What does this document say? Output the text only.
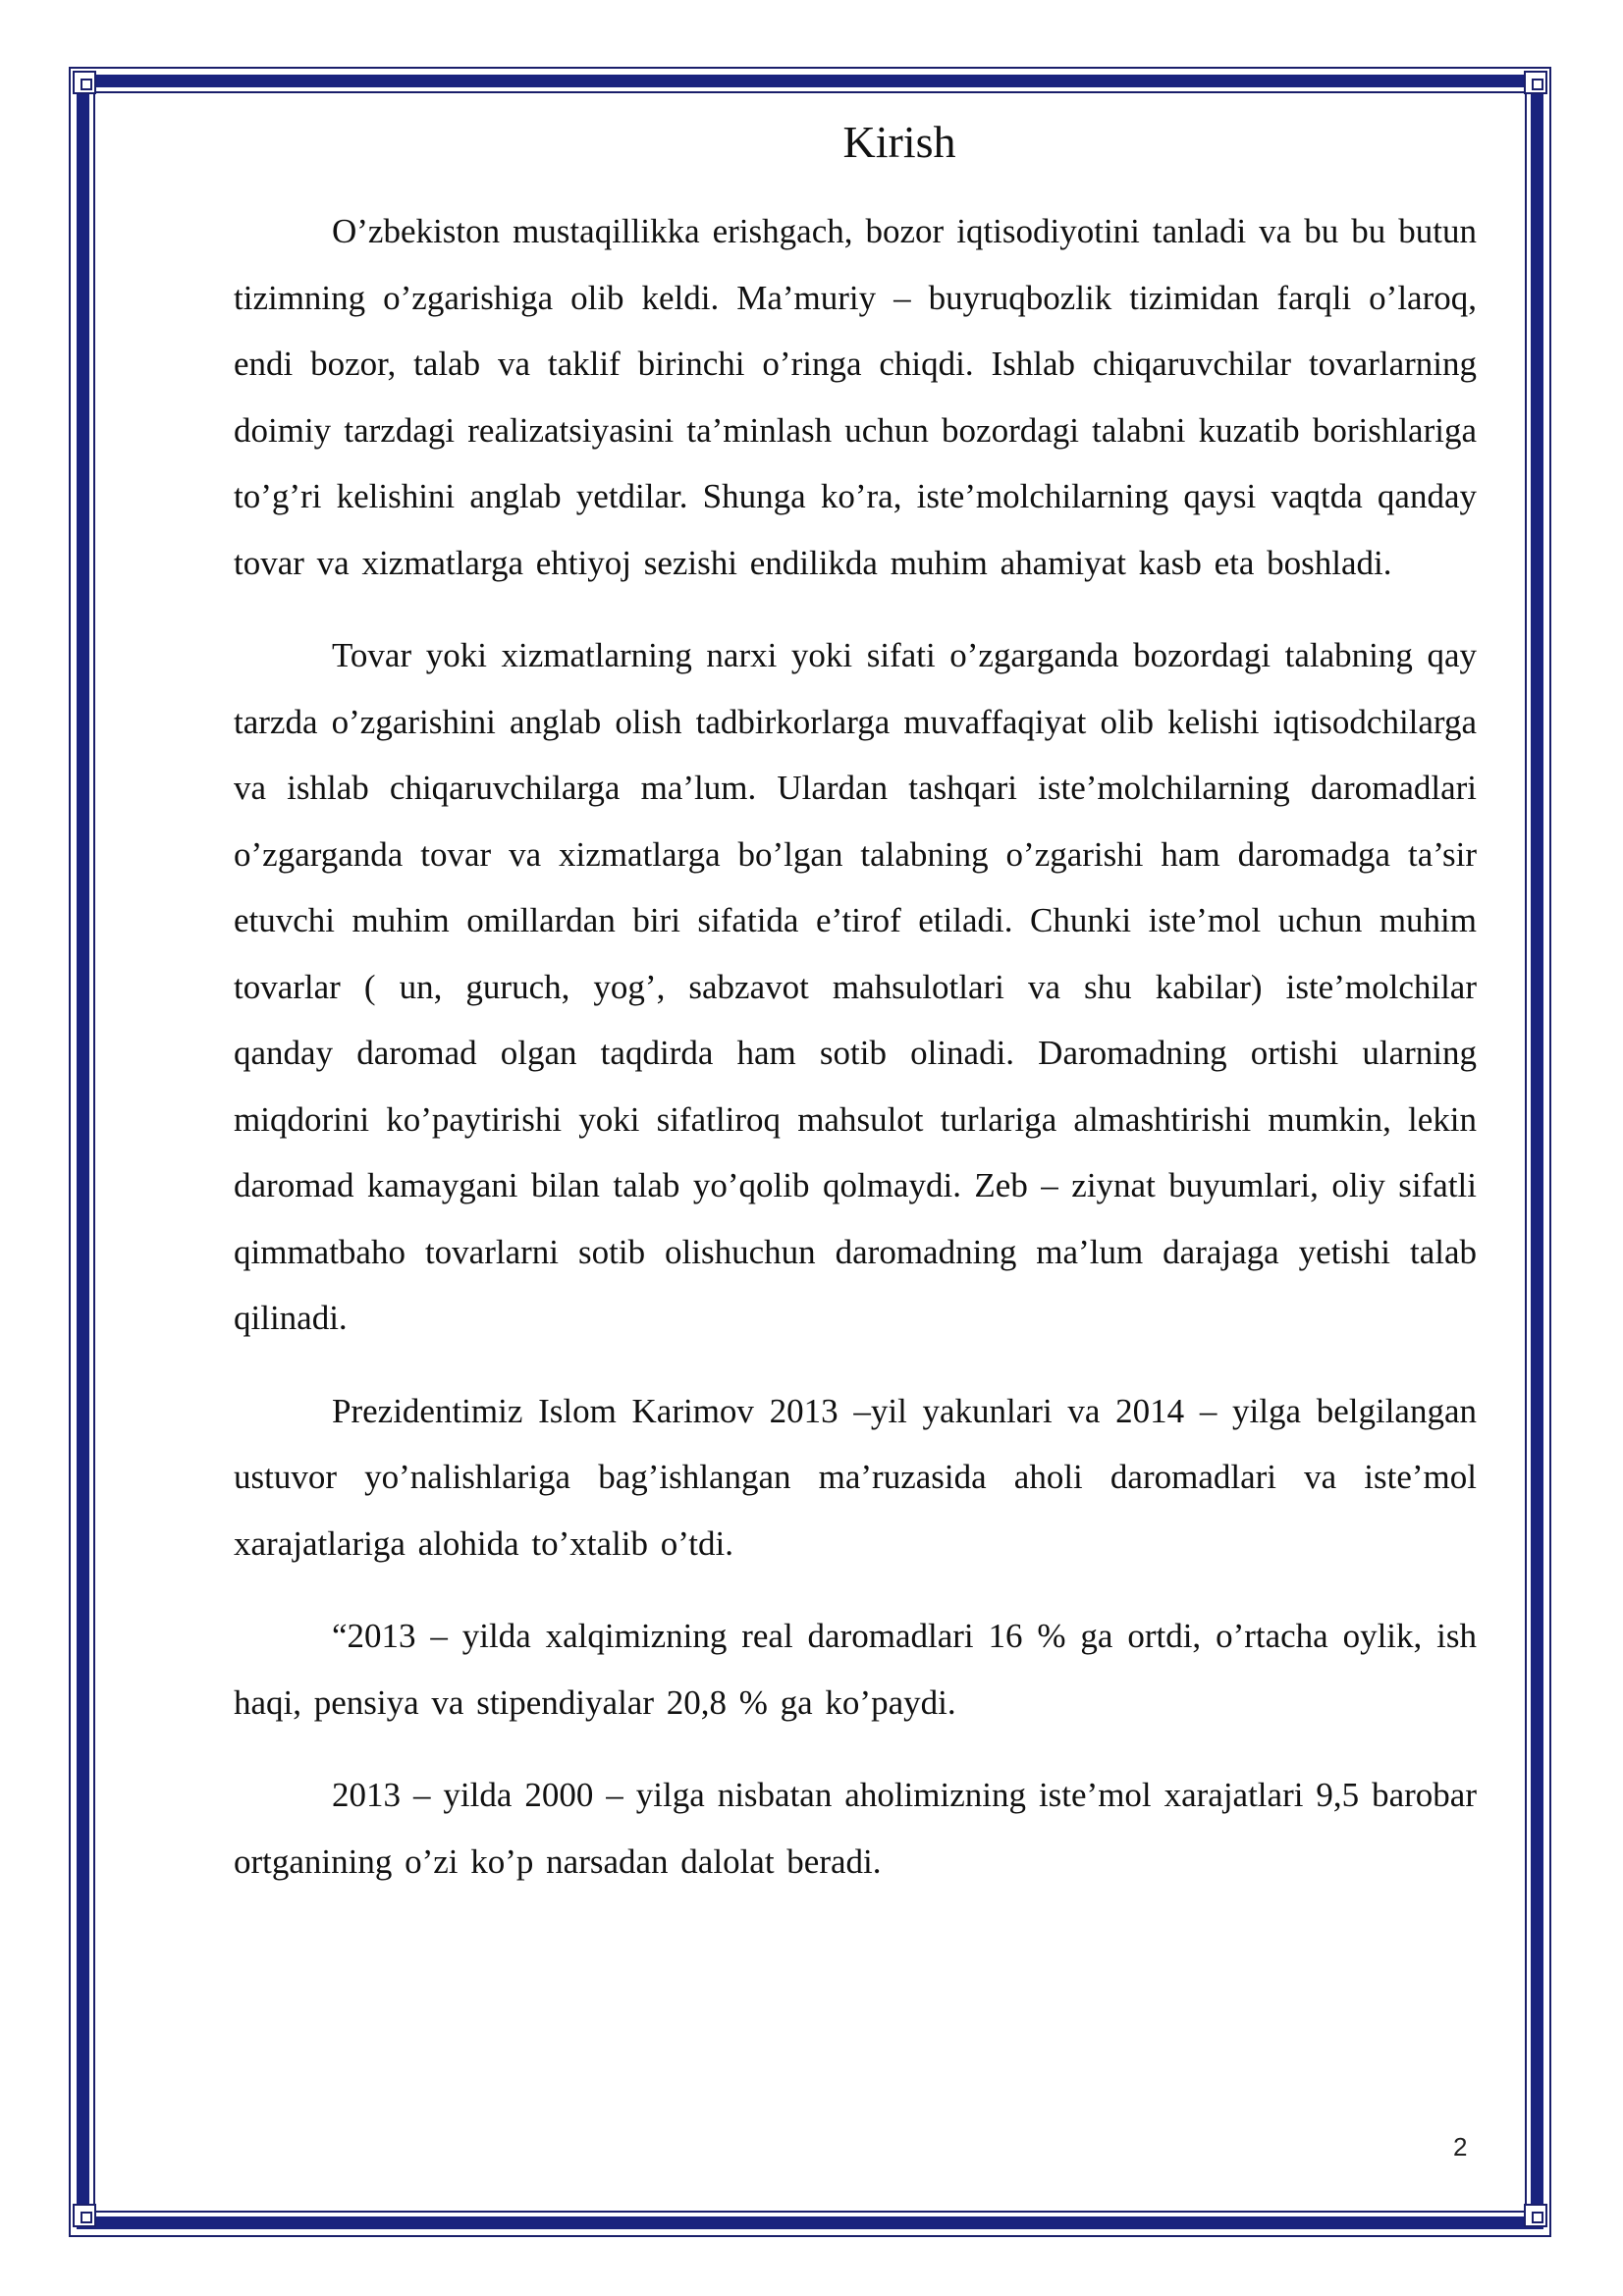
Kirish

O’zbekiston mustaqillikka erishgach, bozor iqtisodiyotini tanladi va bu bu butun tizimning o’zgarishiga olib keldi. Ma’muriy – buyruqbozlik tizimidan farqli o’laroq, endi bozor, talab va taklif birinchi o’ringa chiqdi. Ishlab chiqaruvchilar tovarlarning doimiy tarzdagi realizatsiyasini ta’minlash uchun bozordagi talabni kuzatib borishlariga to’g’ri kelishini anglab yetdilar. Shunga ko’ra, iste’molchilarning qaysi vaqtda qanday tovar va xizmatlarga ehtiyoj sezishi endilikda muhim ahamiyat kasb eta boshladi.

Tovar yoki xizmatlarning narxi yoki sifati o’zgarganda bozordagi talabning qay tarzda o’zgarishini anglab olish tadbirkorlarga muvaffaqiyat olib kelishi iqtisodchilarga va ishlab chiqaruvchilarga ma’lum. Ulardan tashqari iste’molchilarning daromadlari o’zgarganda tovar va xizmatlarga bo’lgan talabning o’zgarishi ham daromadga ta’sir etuvchi muhim omillardan biri sifatida e’tirof etiladi. Chunki iste’mol uchun muhim tovarlar ( un, guruch, yog’, sabzavot mahsulotlari va shu kabilar) iste’molchilar qanday daromad olgan taqdirda ham sotib olinadi. Daromadning ortishi ularning miqdorini ko’paytirishi yoki sifatliroq mahsulot turlariga almashtirishi mumkin, lekin daromad kamaygani bilan talab yo’qolib qolmaydi. Zeb – ziynat buyumlari, oliy sifatli qimmatbaho tovarlarni sotib olishuchun daromadning ma’lum darajaga yetishi talab qilinadi.

Prezidentimiz Islom Karimov 2013 –yil yakunlari va 2014 – yilga belgilangan ustuvor yo’nalishlariga bag’ishlangan ma’ruzasida aholi daromadlari va iste’mol xarajatlariga alohida to’xtalib o’tdi.

“2013 – yilda xalqimizning real daromadlari 16 % ga ortdi, o’rtacha oylik, ish haqi, pensiya va stipendiyalar 20,8 % ga ko’paydi.

2013 – yilda 2000 – yilga nisbatan aholimizning iste’mol xarajatlari 9,5 barobar ortganining o’zi ko’p narsadan dalolat beradi.

2
